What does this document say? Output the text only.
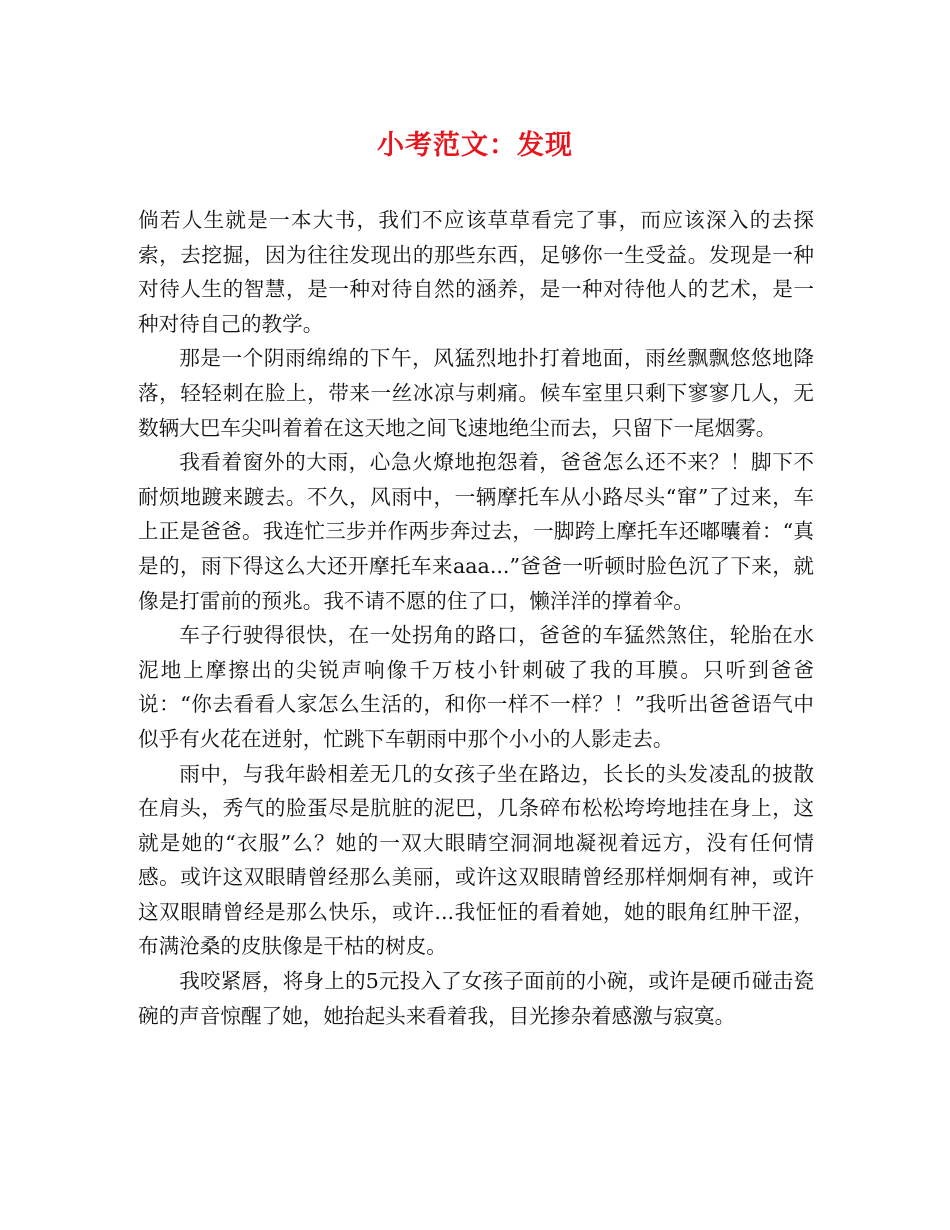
小考范文：发现

倘若人生就是一本大书，我们不应该草草看完了事，而应该深入的去探索，去挖掘，因为往往发现出的那些东西，足够你一生受益。发现是一种对待人生的智慧，是一种对待自然的涵养，是一种对待他人的艺术，是一种对待自己的教学。

那是一个阴雨绵绵的下午，风猛烈地扑打着地面，雨丝飘飘悠悠地降落，轻轻刺在脸上，带来一丝冰凉与刺痛。候车室里只剩下寥寥几人，无数辆大巴车尖叫着着在这天地之间飞速地绝尘而去，只留下一尾烟雾。

我看着窗外的大雨，心急火燎地抱怨着，爸爸怎么还不来？！脚下不耐烦地踱来踱去。不久，风雨中，一辆摩托车从小路尽头“窜”了过来，车上正是爸爸。我连忙三步并作两步奔过去，一脚跨上摩托车还嘟囔着：“真是的，雨下得这么大还开摩托车来aaa...”爸爸一听顿时脸色沉了下来，就像是打雷前的预兆。我不请不愿的住了口，懒洋洋的撑着伞。

车子行驶得很快，在一处拐角的路口，爸爸的车猛然煞住，轮胎在水泥地上摩擦出的尖锐声响像千万枝小针刺破了我的耳膜。只听到爸爸说：“你去看看人家怎么生活的，和你一样不一样？！”我听出爸爸语气中似乎有火花在迸射，忙跳下车朝雨中那个小小的人影走去。

雨中，与我年龄相差无几的女孩子坐在路边，长长的头发凌乱的披散在肩头，秀气的脸蛋尽是肮脏的泥巴，几条碎布松松垮垮地挂在身上，这就是她的“衣服”么？她的一双大眼睛空洞洞地凝视着远方，没有任何情感。或许这双眼睛曾经那么美丽，或许这双眼睛曾经那样炯炯有神，或许这双眼睛曾经是那么快乐，或许...我怔怔的看着她，她的眼角红肿干涩，布满沧桑的皮肤像是干枯的树皮。

我咬紧唇，将身上的5元投入了女孩子面前的小碗，或许是硬币碰击瓷碗的声音惊醒了她，她抬起头来看着我，目光掺杂着感激与寂寞。
